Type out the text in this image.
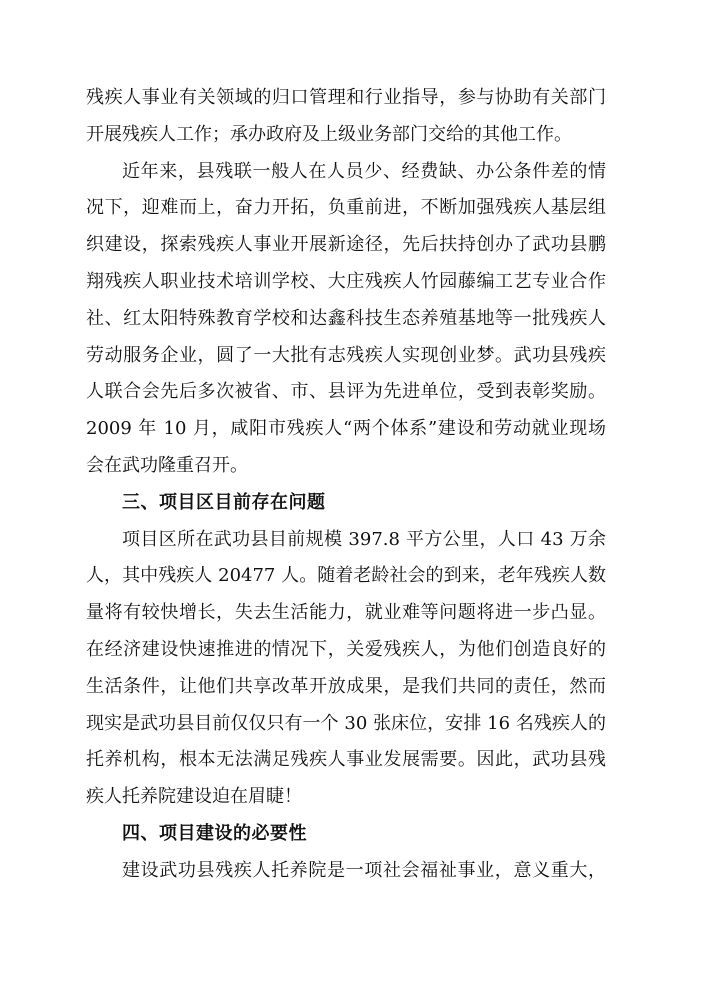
残疾人事业有关领域的归口管理和行业指导，参与协助有关部门
开展残疾人工作；承办政府及上级业务部门交给的其他工作。
近年来，县残联一般人在人员少、经费缺、办公条件差的情
况下，迎难而上，奋力开拓，负重前进，不断加强残疾人基层组
织建设，探索残疾人事业开展新途径，先后扶持创办了武功县鹏
翔残疾人职业技术培训学校、大庄残疾人竹园藤编工艺专业合作
社、红太阳特殊教育学校和达鑫科技生态养殖基地等一批残疾人
劳动服务企业，圆了一大批有志残疾人实现创业梦。武功县残疾
人联合会先后多次被省、市、县评为先进单位，受到表彰奖励。
2009 年 10 月，咸阳市残疾人“两个体系”建设和劳动就业现场
会在武功隆重召开。
三、项目区目前存在问题
项目区所在武功县目前规模 397.8 平方公里，人口 43 万余
人，其中残疾人 20477 人。随着老龄社会的到来，老年残疾人数
量将有较快增长，失去生活能力，就业难等问题将进一步凸显。
在经济建设快速推进的情况下，关爱残疾人，为他们创造良好的
生活条件，让他们共享改革开放成果，是我们共同的责任，然而
现实是武功县目前仅仅只有一个 30 张床位，安排 16 名残疾人的
托养机构，根本无法满足残疾人事业发展需要。因此，武功县残
疾人托养院建设迫在眉睫！
四、项目建设的必要性
建设武功县残疾人托养院是一项社会福祉事业，意义重大，
